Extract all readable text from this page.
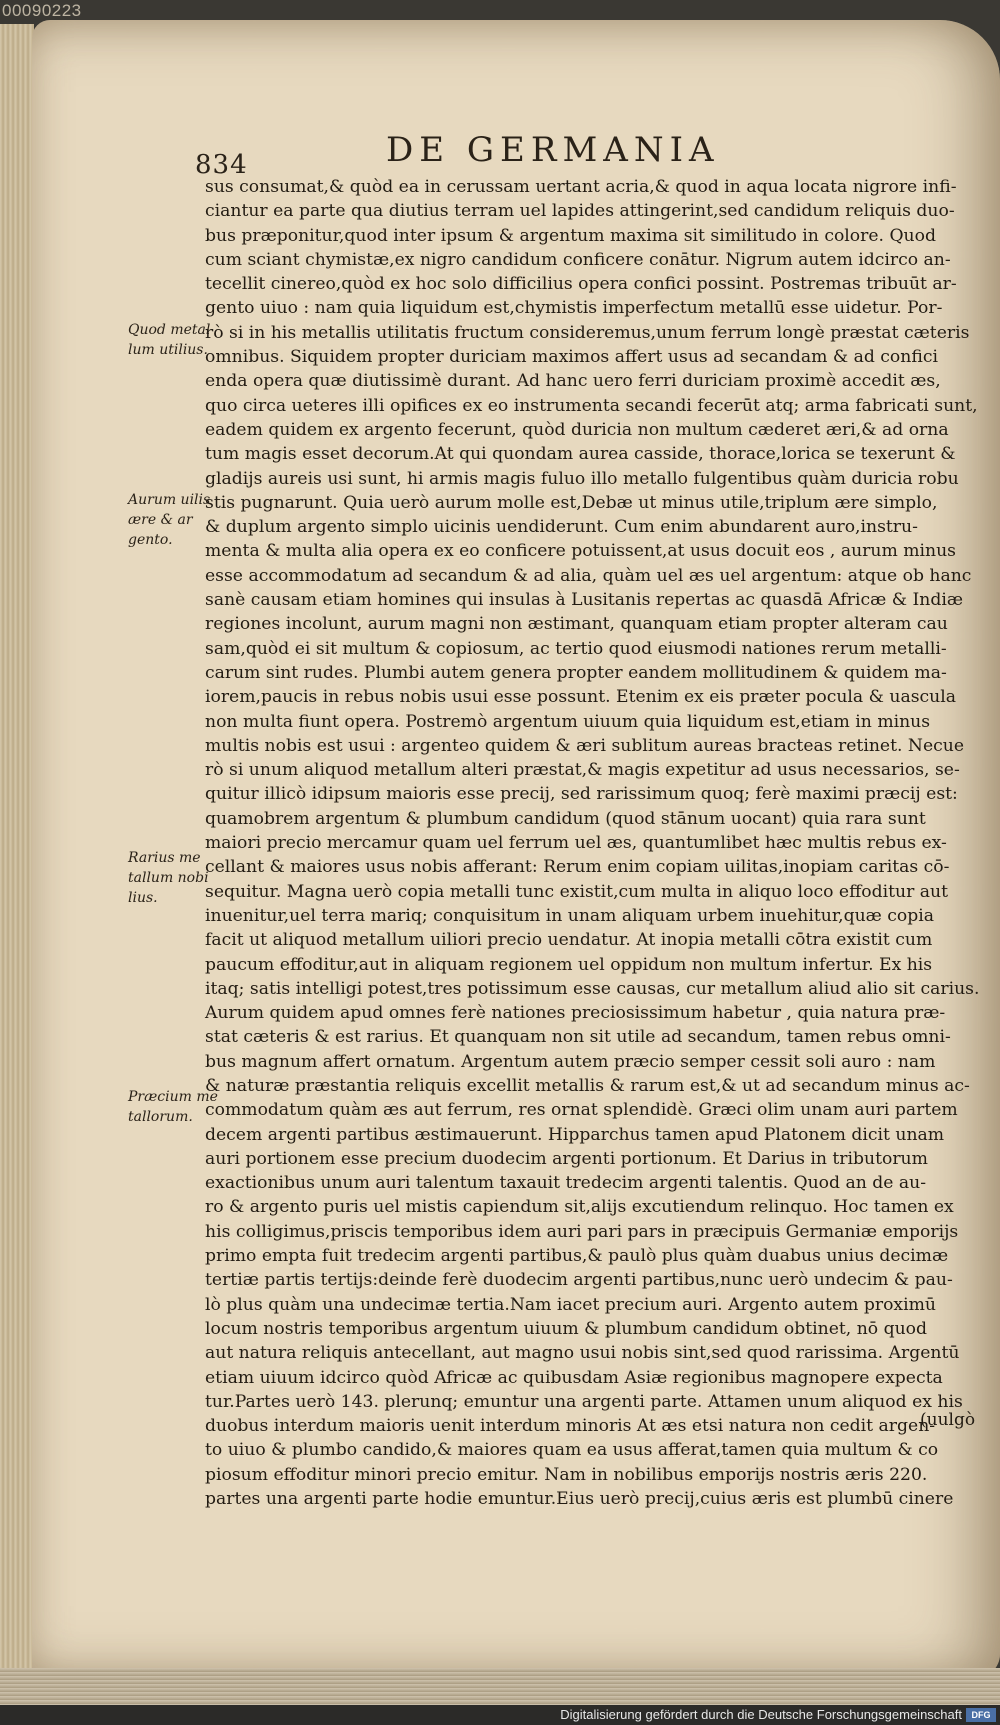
00090223
834	DE GERMANIA
Quod metal lum utilius.
Aurum uilis ære & ar gento.
Rarius me tallum nobi lius.
Præcium me tallorum.
sus consumat,& quòd ea in cerussam uertant acria,& quod in aqua locata nigrore infi-
ciantur ea parte qua diutius terram uel lapides attingerint,sed candidum reliquis duo-
bus præponitur,quod inter ipsum & argentum maxima sit similitudo in colore. Quod
cum sciant chymistæ,ex nigro candidum conficere conātur. Nigrum autem idcirco an-
tecellit cinereo,quòd ex hoc solo difficilius opera confici possint. Postremas tribuūt ar-
gento uiuo : nam quia liquidum est,chymistis imperfectum metallū esse uidetur. Por-
rò si in his metallis utilitatis fructum consideremus,unum ferrum longè præstat cæteris
omnibus. Siquidem propter duriciam maximos affert usus ad secandam & ad confici
enda opera quæ diutissimè durant. Ad hanc uero ferri duriciam proximè accedit æs,
quo circa ueteres illi opifices ex eo instrumenta secandi fecerūt atq; arma fabricati sunt,
eadem quidem ex argento fecerunt, quòd duricia non multum cæderet æri,& ad orna
tum magis esset decorum.At qui quondam aurea casside, thorace,lorica se texerunt &
gladijs aureis usi sunt, hi armis magis fuluo illo metallo fulgentibus quàm duricia robu
stis pugnarunt. Quia uerò aurum molle est,Debæ ut minus utile,triplum ære simplo,
& duplum argento simplo uicinis uendiderunt. Cum enim abundarent auro,instru-
menta & multa alia opera ex eo conficere potuissent,at usus docuit eos , aurum minus
esse accommodatum ad secandum & ad alia, quàm uel æs uel argentum: atque ob hanc
sanè causam etiam homines qui insulas à Lusitanis repertas ac quasdā Africæ & Indiæ
regiones incolunt, aurum magni non æstimant, quanquam etiam propter alteram cau
sam,quòd ei sit multum & copiosum, ac tertio quod eiusmodi nationes rerum metalli-
carum sint rudes. Plumbi autem genera propter eandem mollitudinem & quidem ma-
iorem,paucis in rebus nobis usui esse possunt. Etenim ex eis præter pocula & uascula
non multa fiunt opera. Postremò argentum uiuum quia liquidum est,etiam in minus
multis nobis est usui : argenteo quidem & æri sublitum aureas bracteas retinet. Necue
rò si unum aliquod metallum alteri præstat,& magis expetitur ad usus necessarios, se-
quitur illicò idipsum maioris esse precij, sed rarissimum quoq; ferè maximi præcij est:
quamobrem argentum & plumbum candidum (quod stānum uocant) quia rara sunt
maiori precio mercamur quam uel ferrum uel æs, quantumlibet hæc multis rebus ex-
cellant & maiores usus nobis afferant: Rerum enim copiam uilitas,inopiam caritas cō-
sequitur. Magna uerò copia metalli tunc existit,cum multa in aliquo loco effoditur aut
inuenitur,uel terra mariq; conquisitum in unam aliquam urbem inuehitur,quæ copia
facit ut aliquod metallum uiliori precio uendatur. At inopia metalli cōtra existit cum
paucum effoditur,aut in aliquam regionem uel oppidum non multum infertur. Ex his
itaq; satis intelligi potest,tres potissimum esse causas, cur metallum aliud alio sit carius.
Aurum quidem apud omnes ferè nationes preciosissimum habetur , quia natura præ-
stat cæteris & est rarius. Et quanquam non sit utile ad secandum, tamen rebus omni-
bus magnum affert ornatum. Argentum autem præcio semper cessit soli auro : nam
& naturæ præstantia reliquis excellit metallis & rarum est,& ut ad secandum minus ac-
commodatum quàm æs aut ferrum, res ornat splendidè. Græci olim unam auri partem
decem argenti partibus æstimauerunt. Hipparchus tamen apud Platonem dicit unam
auri portionem esse precium duodecim argenti portionum. Et Darius in tributorum
exactionibus unum auri talentum taxauit tredecim argenti talentis. Quod an de au-
ro & argento puris uel mistis capiendum sit,alijs excutiendum relinquo. Hoc tamen ex
his colligimus,priscis temporibus idem auri pari pars in præcipuis Germaniæ emporijs
primo empta fuit tredecim argenti partibus,& paulò plus quàm duabus unius decimæ
tertiæ partis tertijs:deinde ferè duodecim argenti partibus,nunc uerò undecim & pau-
lò plus quàm una undecimæ tertia.Nam iacet precium auri. Argento autem proximū
locum nostris temporibus argentum uiuum & plumbum candidum obtinet, nō quod
aut natura reliquis antecellant, aut magno usui nobis sint,sed quod rarissima. Argentū
etiam uiuum idcirco quòd Africæ ac quibusdam Asiæ regionibus magnopere expecta
tur.Partes uerò 143. plerunq; emuntur una argenti parte. Attamen unum aliquod ex his
duobus interdum maioris uenit interdum minoris At æs etsi natura non cedit argen-
to uiuo & plumbo candido,& maiores quam ea usus afferat,tamen quia multum & co
piosum effoditur minori precio emitur. Nam in nobilibus emporijs nostris æris 220.
partes una argenti parte hodie emuntur.Eius uerò precij,cuius æris est plumbū cinere
(uulgò
Digitalisierung gefördert durch die Deutsche Forschungsgemeinschaft	DFG
